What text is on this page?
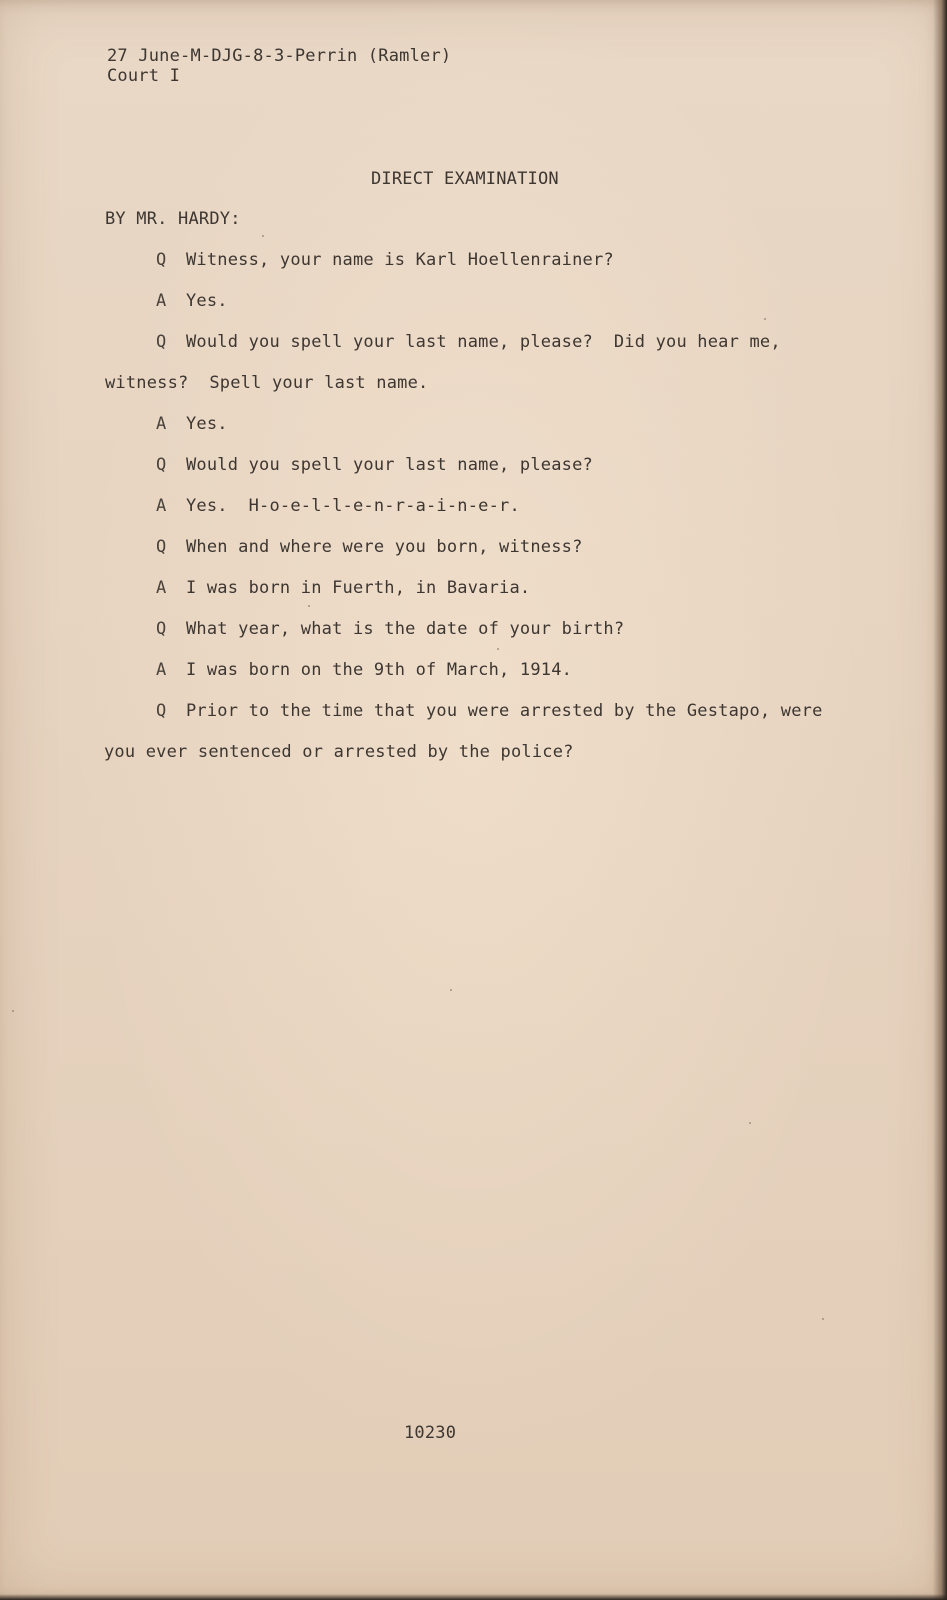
27 June-M-DJG-8-3-Perrin (Ramler)
Court I
DIRECT EXAMINATION
BY MR. HARDY:
Q Witness, your name is Karl Hoellenrainer?
A Yes.
Q Would you spell your last name, please?  Did you hear me,
witness?  Spell your last name.
A Yes.
Q Would you spell your last name, please?
A Yes.  H-o-e-l-l-e-n-r-a-i-n-e-r.
Q When and where were you born, witness?
A I was born in Fuerth, in Bavaria.
Q What year, what is the date of your birth?
A I was born on the 9th of March, 1914.
Q Prior to the time that you were arrested by the Gestapo, were
you ever sentenced or arrested by the police?
10230
